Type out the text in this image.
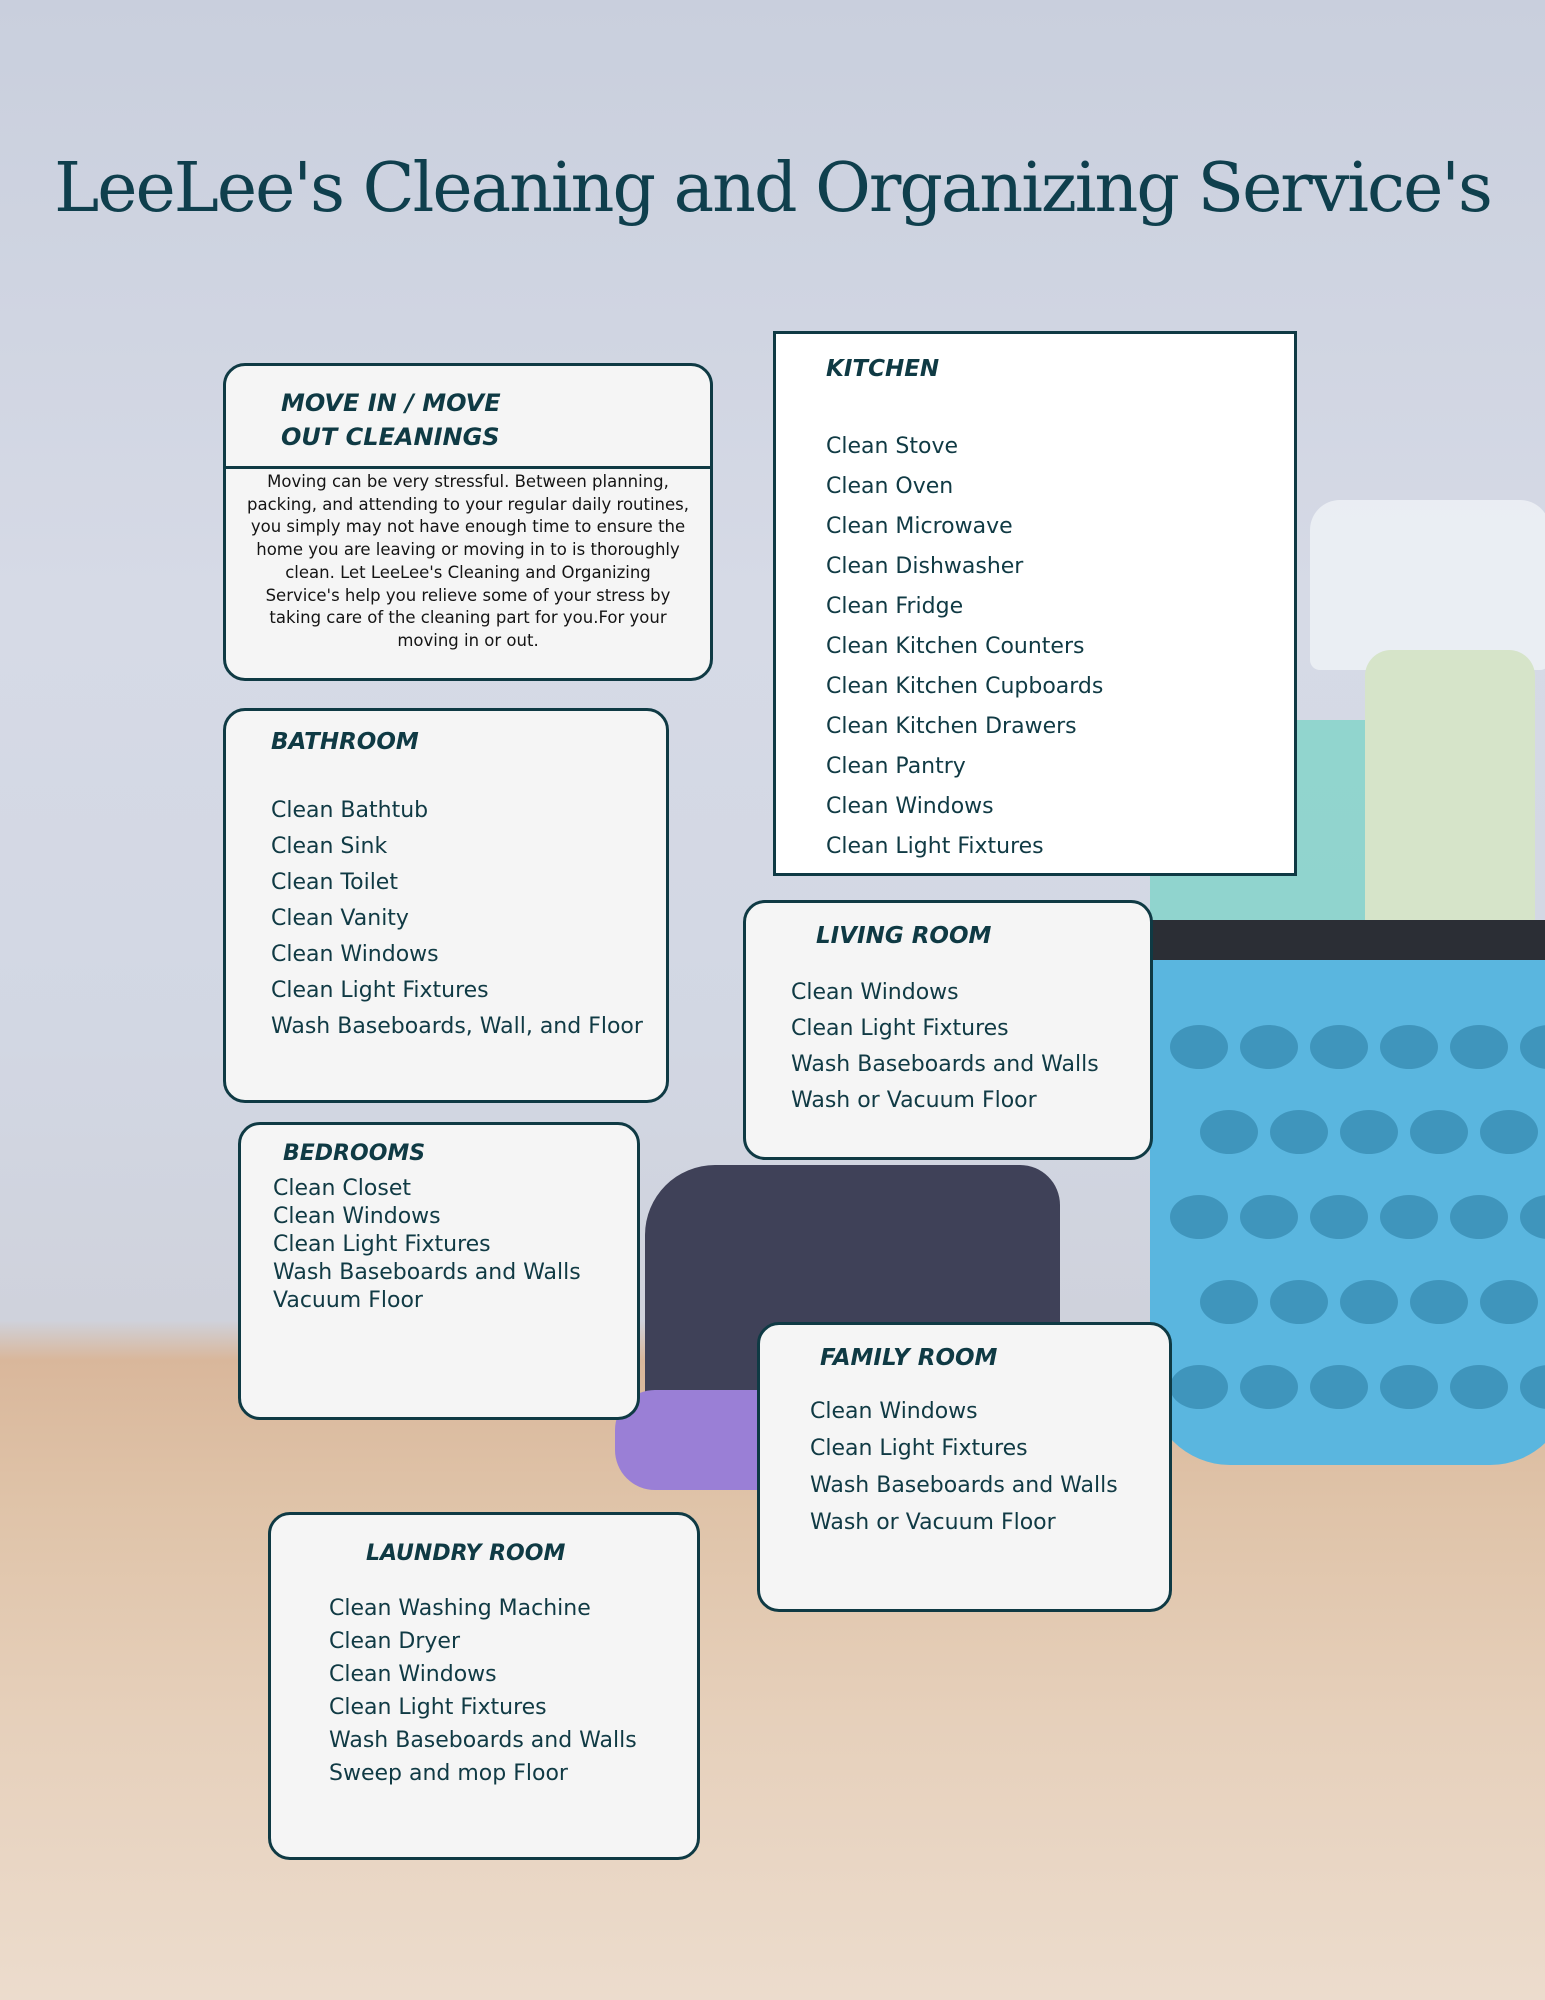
LeeLee's Cleaning and Organizing Service's
MOVE IN / MOVE
OUT CLEANINGS

Moving can be very stressful. Between planning, packing, and attending to your regular daily routines, you simply may not have enough time to ensure the home you are leaving or moving in to is thoroughly clean. Let LeeLee's Cleaning and Organizing Service's help you relieve some of your stress by taking care of the cleaning part for you.For your moving in or out.

KITCHEN
Clean Stove
Clean Oven
Clean Microwave
Clean Dishwasher
Clean Fridge
Clean Kitchen Counters
Clean Kitchen Cupboards
Clean Kitchen Drawers
Clean Pantry
Clean Windows
Clean Light Fixtures
BATHROOM
Clean Bathtub
Clean Sink
Clean Toilet
Clean Vanity
Clean Windows
Clean Light Fixtures
Wash Baseboards, Wall, and Floor
LIVING ROOM
Clean Windows
Clean Light Fixtures
Wash Baseboards and Walls
Wash or Vacuum Floor
BEDROOMS
Clean Closet
Clean Windows
Clean Light Fixtures
Wash Baseboards and Walls
Vacuum Floor
FAMILY ROOM
Clean Windows
Clean Light Fixtures
Wash Baseboards and Walls
Wash or Vacuum Floor
LAUNDRY ROOM
Clean Washing Machine
Clean Dryer
Clean Windows
Clean Light Fixtures
Wash Baseboards and Walls
Sweep and mop Floor
